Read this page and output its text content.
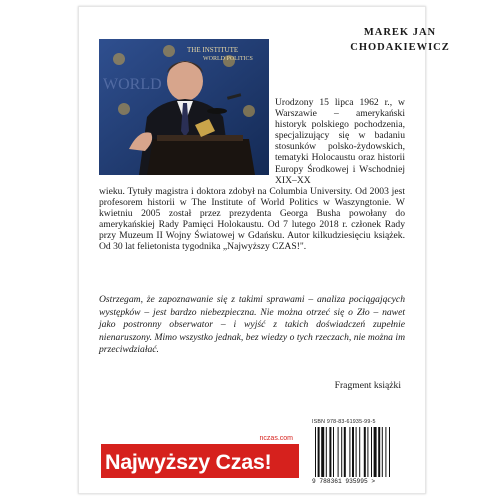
THE INSTITUTE
WORLD POLITICS
WORLD
MAREK JAN
CHODAKIEWICZ
Urodzony 15 lipca 1962 r., w Warszawie – amerykański historyk polskiego pochodzenia, specjalizujący się w badaniu stosunków polsko-żydowskich, tematyki Holocaustu oraz historii Europy Środkowej i Wschodniej XIX–XX
wieku. Tytuły magistra i doktora zdobył na Columbia University. Od 2003 jest profesorem historii w The Institute of World Politics w Waszyngtonie. W kwietniu 2005 został przez prezydenta Georga Busha powołany do amerykańskiej Rady Pamięci Holokaustu. Od 7 lutego 2018 r. członek Rady przy Muzeum II Wojny Światowej w Gdańsku. Autor kilkudziesięciu książek. Od 30 lat felietonista tygodnika „Najwyższy CZAS!".
Ostrzegam, że zapoznawanie się z takimi sprawami – analiza pociągających występków – jest bardzo niebezpieczna. Nie można otrzeć się o Zło – nawet jako postronny obserwator – i wyjść z takich doświadczeń zupełnie nienaruszony. Mimo wszystko jednak, bez wiedzy o tych rzeczach, nie można im przeciwdziałać.
Fragment książki
nczas.com
Najwyższy Czas!
ISBN 978-83-61935-99-5
9 788361 935995 >
